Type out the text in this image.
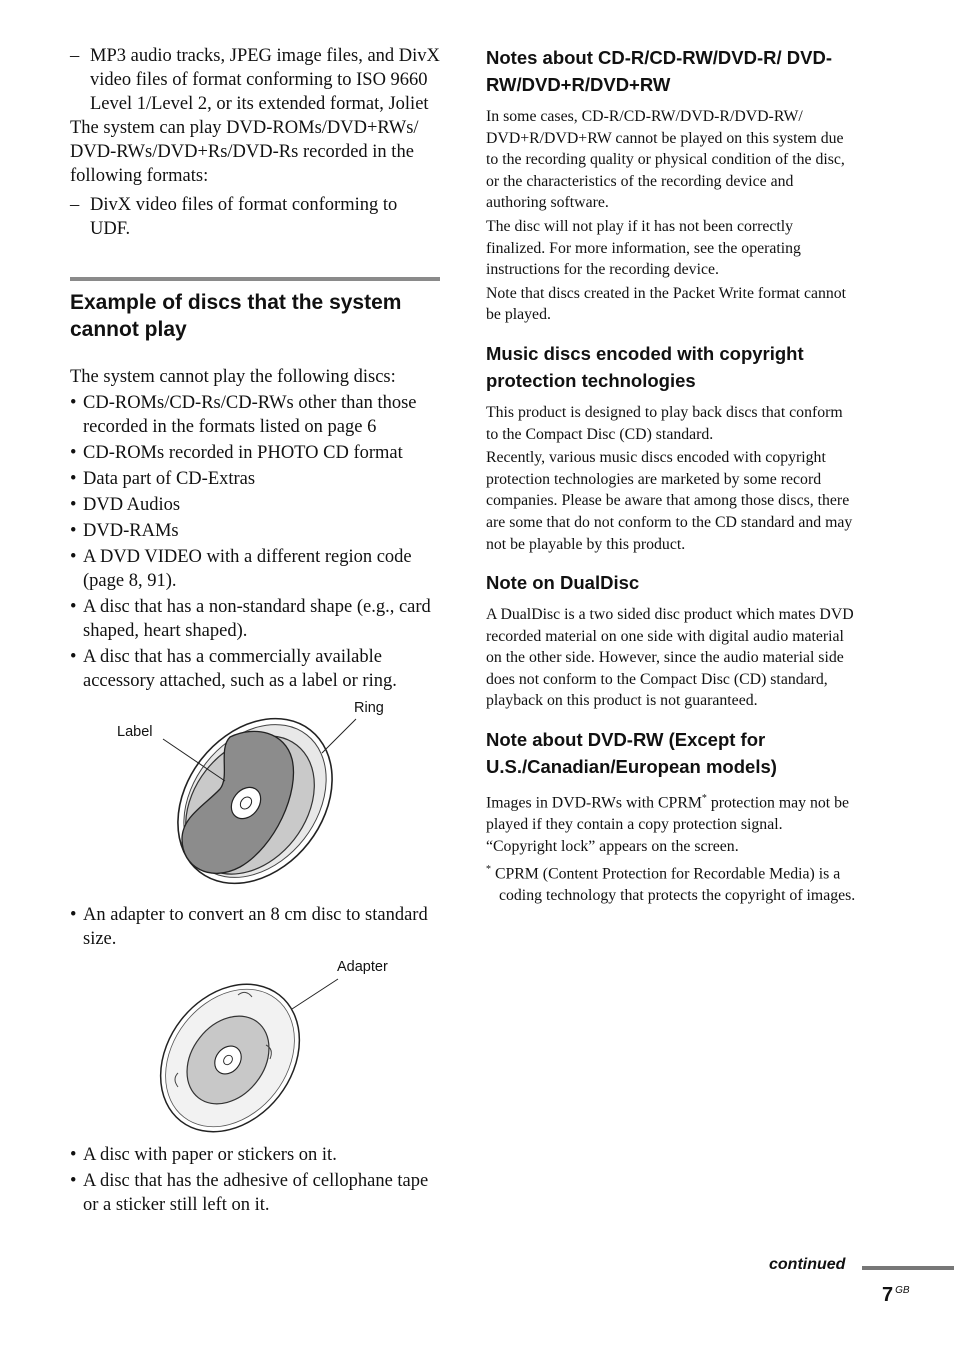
– MP3 audio tracks, JPEG image files, and DivX video files of format conforming to ISO 9660 Level 1/Level 2, or its extended format, Joliet

The system can play DVD-ROMs/DVD+RWs/ DVD-RWs/DVD+Rs/DVD-Rs recorded in the following formats:

– DivX video files of format conforming to UDF.

Example of discs that the system cannot play

The system cannot play the following discs:

• CD-ROMs/CD-Rs/CD-RWs other than those recorded in the formats listed on page 6
• CD-ROMs recorded in PHOTO CD format
• Data part of CD-Extras
• DVD Audios
• DVD-RAMs
• A DVD VIDEO with a different region code (page 8, 91).
• A disc that has a non-standard shape (e.g., card shaped, heart shaped).
• A disc that has a commercially available accessory attached, such as a label or ring.
Label
Ring
• An adapter to convert an 8 cm disc to standard size.
Adapter
• A disc with paper or stickers on it.
• A disc that has the adhesive of cellophane tape or a sticker still left on it.
Notes about CD-R/CD-RW/DVD-R/ DVD-RW/DVD+R/DVD+RW

In some cases, CD-R/CD-RW/DVD-R/DVD-RW/ DVD+R/DVD+RW cannot be played on this system due to the recording quality or physical condition of the disc, or the characteristics of the recording device and authoring software.

The disc will not play if it has not been correctly finalized. For more information, see the operating instructions for the recording device.

Note that discs created in the Packet Write format cannot be played.

Music discs encoded with copyright protection technologies

This product is designed to play back discs that conform to the Compact Disc (CD) standard.

Recently, various music discs encoded with copyright protection technologies are marketed by some record companies. Please be aware that among those discs, there are some that do not conform to the CD standard and may not be playable by this product.

Note on DualDisc

A DualDisc is a two sided disc product which mates DVD recorded material on one side with digital audio material on the other side. However, since the audio material side does not conform to the Compact Disc (CD) standard, playback on this product is not guaranteed.

Note about DVD-RW (Except for U.S./Canadian/European models)

Images in DVD-RWs with CPRM* protection may not be played if they contain a copy protection signal. “Copyright lock” appears on the screen.

* CPRM (Content Protection for Recordable Media) is a coding technology that protects the copyright of images.

continued
7 $^{GB}$
